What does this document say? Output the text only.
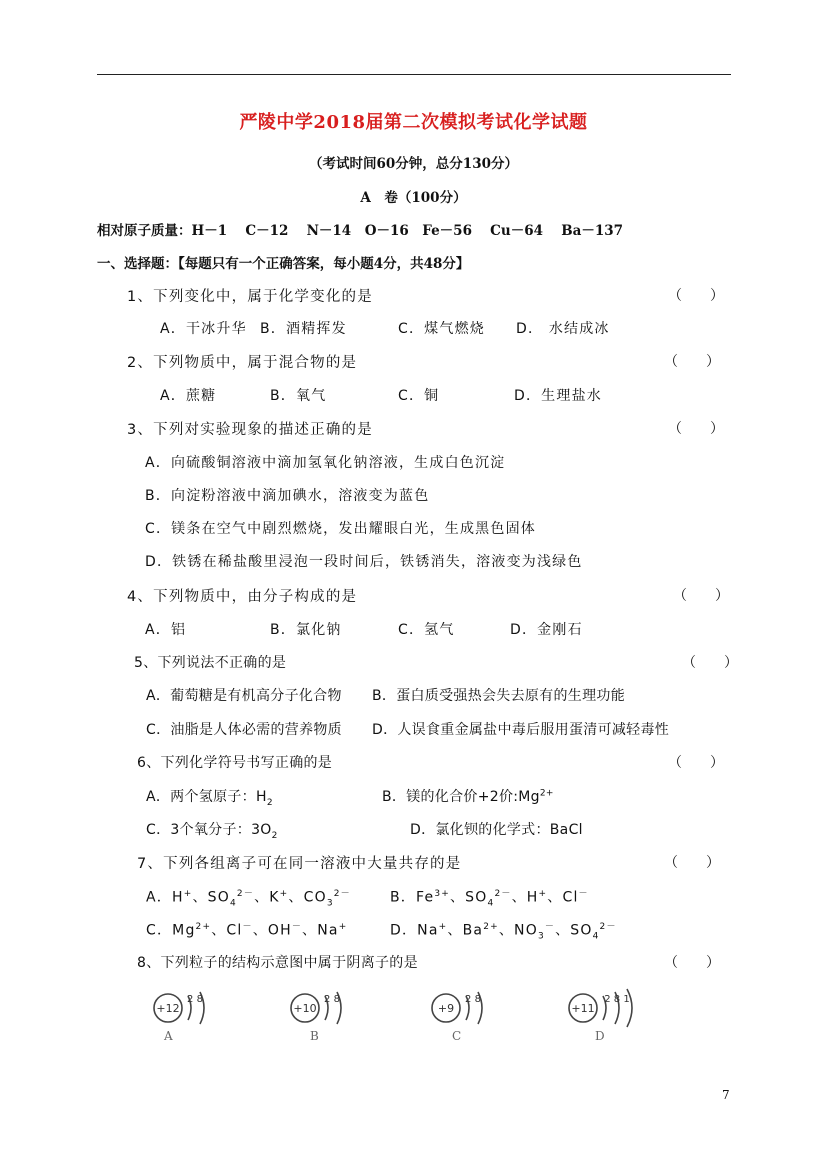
严陵中学2018届第二次模拟考试化学试题
（考试时间60分钟，总分130分）
A　卷（100分）
相对原子质量：H－1　 C－12　 N－14　O－16　Fe－56　 Cu－64　 Ba－137
一、选择题：【每题只有一个正确答案，每小题4分，共48分】
1、下列变化中，属于化学变化的是	（　　）
A．干冰升华 B．酒精挥发	C．煤气燃烧 D． 水结成冰
2、下列物质中，属于混合物的是	（　　）
A．蔗糖	B．氧气	C．铜	D．生理盐水
3、下列对实验现象的描述正确的是	（　　）
A．向硫酸铜溶液中滴加氢氧化钠溶液，生成白色沉淀
B．向淀粉溶液中滴加碘水，溶液变为蓝色
C．镁条在空气中剧烈燃烧，发出耀眼白光，生成黑色固体
D．铁锈在稀盐酸里浸泡一段时间后，铁锈消失，溶液变为浅绿色
4、下列物质中，由分子构成的是	（　　）
A．铝	B．氯化钠	C．氢气	D．金刚石
5、下列说法不正确的是	（　　）
A．葡萄糖是有机高分子化合物 B．蛋白质受强热会失去原有的生理功能
C．油脂是人体必需的营养物质 D．人误食重金属盐中毒后服用蛋清可减轻毒性
6、下列化学符号书写正确的是	（　　）
A．两个氢原子：$H_2$	B．镁的化合价+2价$:Mg^{2+}$
C．3个氧分子：$3O_2$	D．氯化钡的化学式：BaCl
7、下列各组离子可在同一溶液中大量共存的是	（　　）
A．H+、$SO_4^{2-}$、K+、$CO_3^{2-}$	B．$Fe^{3+}$、$SO_4^{2-}$、H+、Cl－
C．$Mg^{2+}$、Cl－、OH－、Na+	D．Na+、$Ba^{2+}$、$NO_3^-$、$SO_4^{2-}$
8、下列粒子的结构示意图中属于阴离子的是	（　　）
+12
2 8
A
+10
2 8
B
+9
2 8
C
+11
2 8 1
D
7
